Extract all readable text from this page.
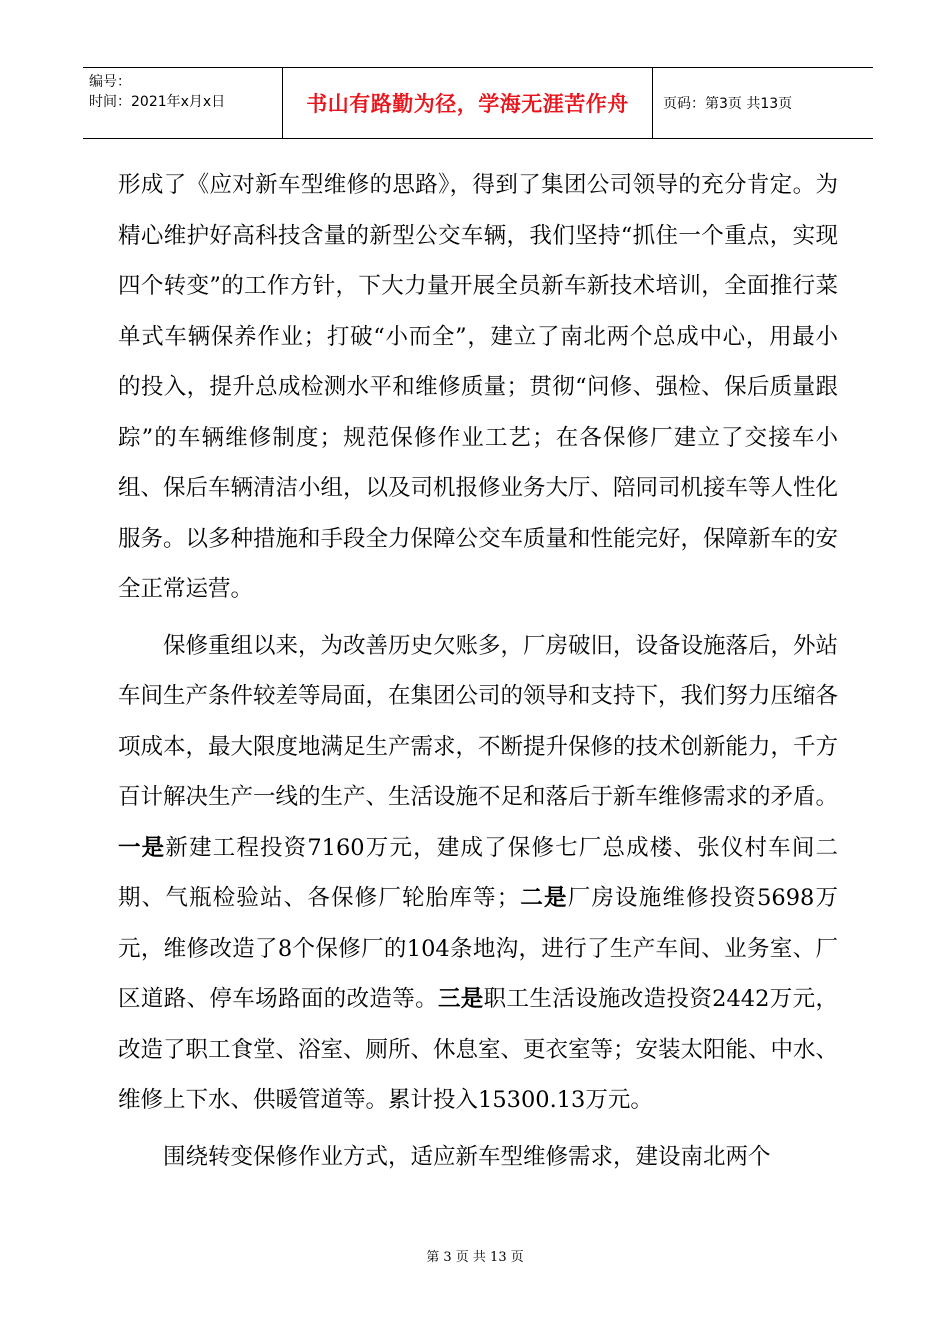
编号：
时间：2021年x月x日	书山有路勤为径，学海无涯苦作舟 页码：第3页 共13页

形成了《应对新车型维修的思路》，得到了集团公司领导的充分肯定。为精心维护好高科技含量的新型公交车辆，我们坚持“抓住一个重点，实现四个转变”的工作方针，下大力量开展全员新车新技术培训，全面推行菜单式车辆保养作业；打破“小而全”，建立了南北两个总成中心，用最小的投入，提升总成检测水平和维修质量；贯彻“问修、强检、保后质量跟踪”的车辆维修制度；规范保修作业工艺；在各保修厂建立了交接车小组、保后车辆清洁小组，以及司机报修业务大厅、陪同司机接车等人性化服务。以多种措施和手段全力保障公交车质量和性能完好，保障新车的安全正常运营。

保修重组以来，为改善历史欠账多，厂房破旧，设备设施落后，外站车间生产条件较差等局面，在集团公司的领导和支持下，我们努力压缩各项成本，最大限度地满足生产需求，不断提升保修的技术创新能力，千方百计解决生产一线的生产、生活设施不足和落后于新车维修需求的矛盾。一是新建工程投资7160万元，建成了保修七厂总成楼、张仪村车间二期、气瓶检验站、各保修厂轮胎库等；二是厂房设施维修投资5698万元，维修改造了8个保修厂的104条地沟，进行了生产车间、业务室、厂区道路、停车场路面的改造等。三是职工生活设施改造投资2442万元，改造了职工食堂、浴室、厕所、休息室、更衣室等；安装太阳能、中水、维修上下水、供暖管道等。累计投入15300.13万元。

围绕转变保修作业方式，适应新车型维修需求，建设南北两个

第 3 页 共 13 页
